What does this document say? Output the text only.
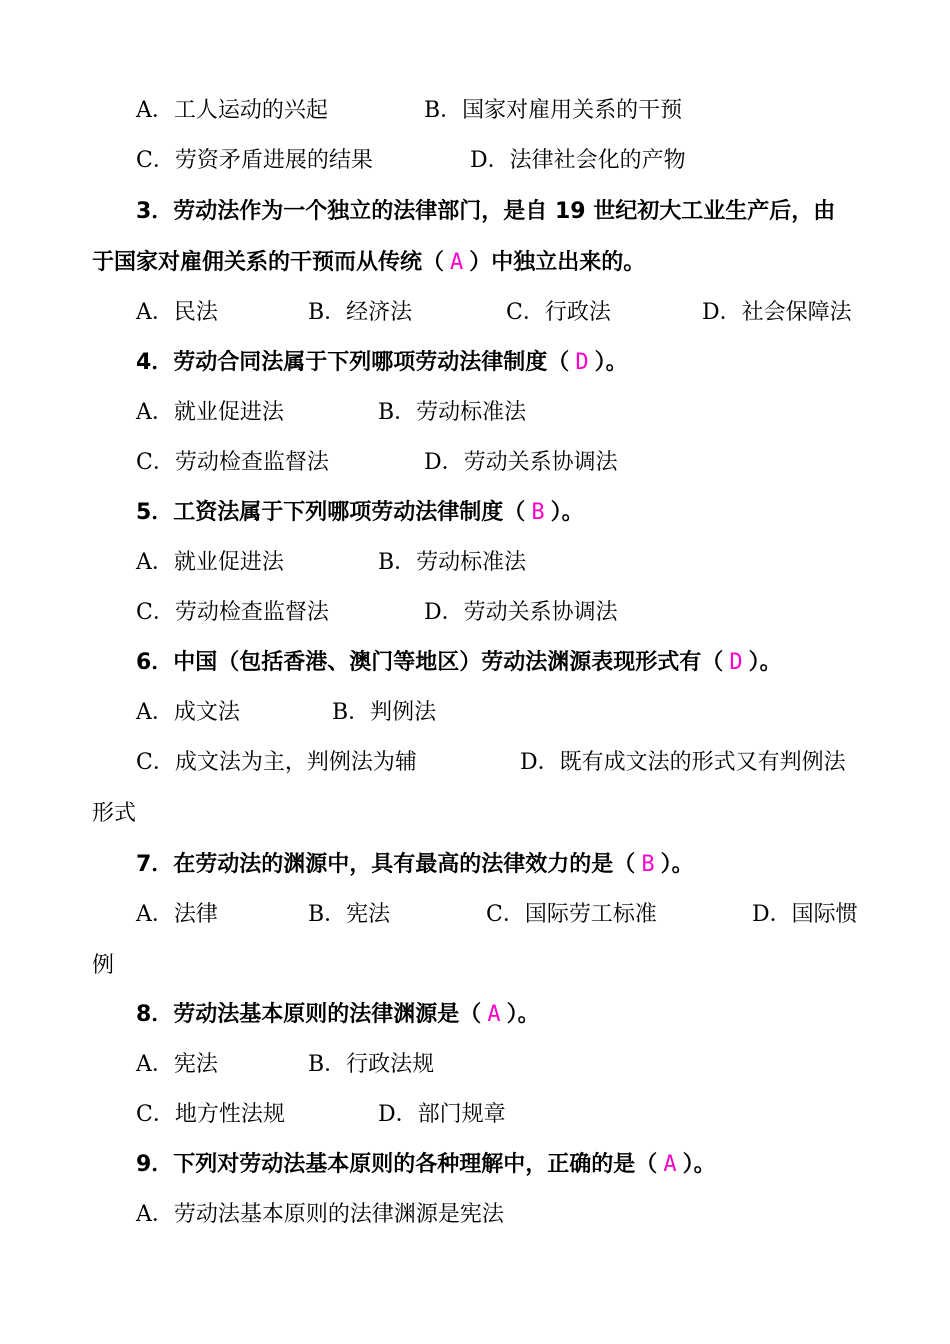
A．工人运动的兴起	B．国家对雇用关系的干预
C．劳资矛盾进展的结果	D．法律社会化的产物
3．劳动法作为一个独立的法律部门，是自 19 世纪初大工业生产后，由
于国家对雇佣关系的干预而从传统（ A ）中独立出来的。
A．民法	B．经济法	C．行政法	D．社会保障法
4．劳动合同法属于下列哪项劳动法律制度（ D ）。
A．就业促进法	B．劳动标准法
C．劳动检查监督法	D．劳动关系协调法
5．工资法属于下列哪项劳动法律制度（ B ）。
A．就业促进法	B．劳动标准法
C．劳动检查监督法	D．劳动关系协调法
6．中国（包括香港、澳门等地区）劳动法渊源表现形式有（ D ）。
A．成文法	B．判例法
C．成文法为主，判例法为辅	D．既有成文法的形式又有判例法
形式
7．在劳动法的渊源中，具有最高的法律效力的是（ B ）。
A．法律	B．宪法	C．国际劳工标准	D．国际惯
例
8．劳动法基本原则的法律渊源是（ A ）。
A．宪法	B．行政法规
C．地方性法规	D．部门规章
9．下列对劳动法基本原则的各种理解中，正确的是（ A ）。
A．劳动法基本原则的法律渊源是宪法
